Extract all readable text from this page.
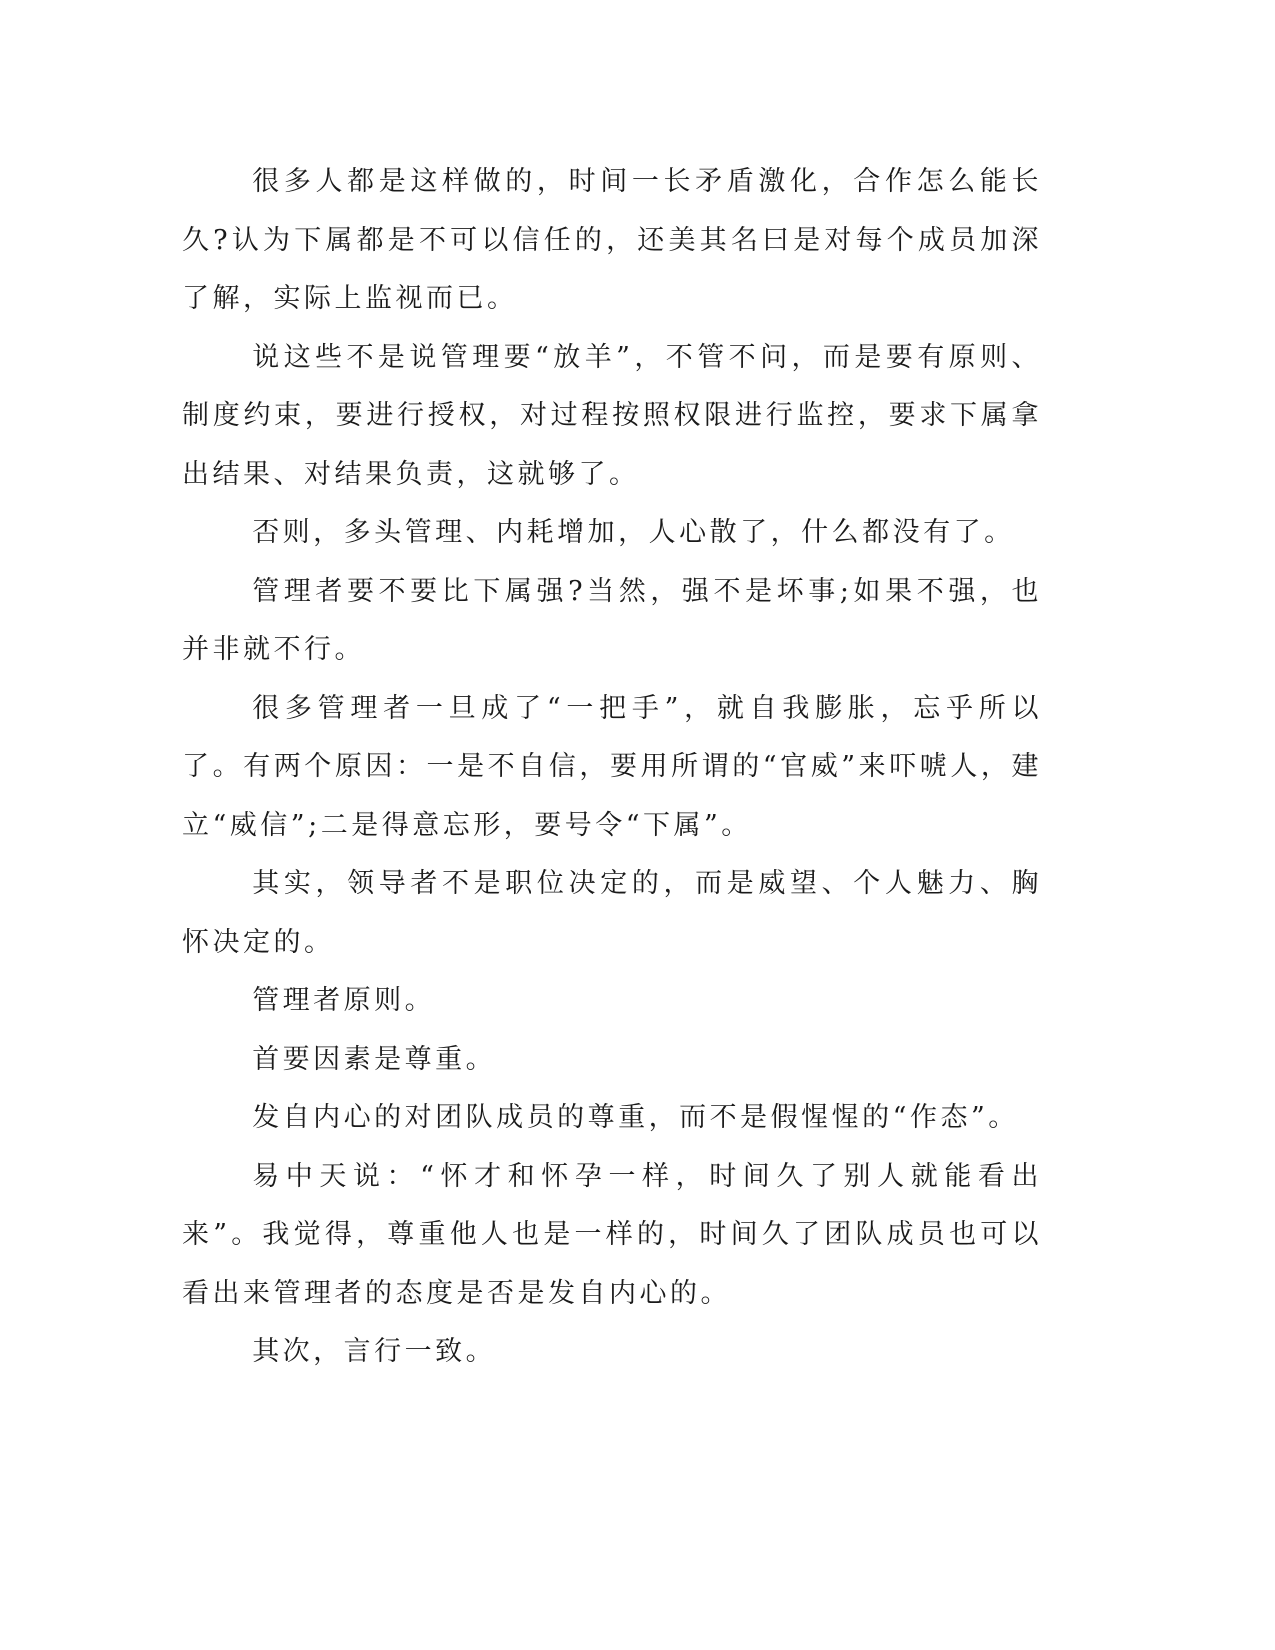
很多人都是这样做的，时间一长矛盾激化，合作怎么能长久?认为下属都是不可以信任的，还美其名曰是对每个成员加深了解，实际上监视而已。

说这些不是说管理要“放羊”，不管不问，而是要有原则、制度约束，要进行授权，对过程按照权限进行监控，要求下属拿出结果、对结果负责，这就够了。

否则，多头管理、内耗增加，人心散了，什么都没有了。

管理者要不要比下属强?当然，强不是坏事;如果不强，也并非就不行。

很多管理者一旦成了“一把手”，就自我膨胀，忘乎所以了。有两个原因：一是不自信，要用所谓的“官威”来吓唬人，建立“威信”;二是得意忘形，要号令“下属”。

其实，领导者不是职位决定的，而是威望、个人魅力、胸怀决定的。

管理者原则。

首要因素是尊重。

发自内心的对团队成员的尊重，而不是假惺惺的“作态”。

易中天说：“怀才和怀孕一样，时间久了别人就能看出来”。我觉得，尊重他人也是一样的，时间久了团队成员也可以看出来管理者的态度是否是发自内心的。

其次，言行一致。
